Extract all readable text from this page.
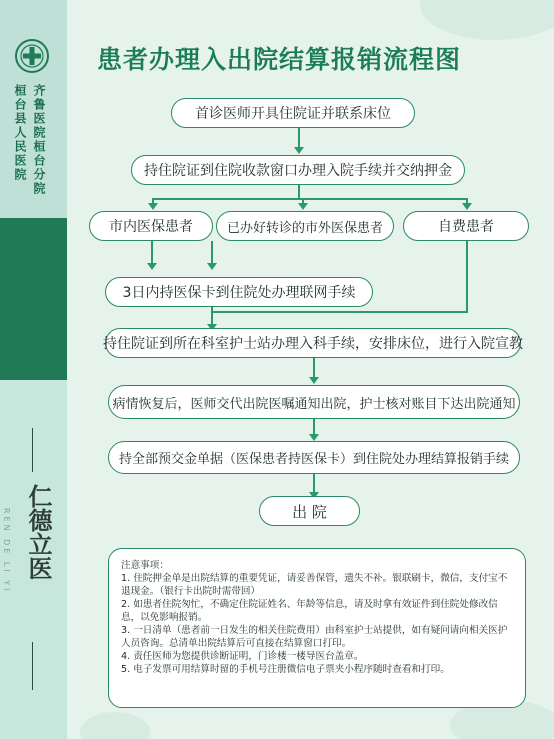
齐鲁医院桓台分院
桓台县人民医院
仁德立医
REN DE LI YI
患者办理入出院结算报销流程图
首诊医师开具住院证并联系床位
持住院证到住院收款窗口办理入院手续并交纳押金
市内医保患者	已办好转诊的市外医保患者	自费患者
3日内持医保卡到住院处办理联网手续
持住院证到所在科室护士站办理入科手续，安排床位，进行入院宣教
病情恢复后，医师交代出院医嘱通知出院，护士核对账目下达出院通知
持全部预交金单据（医保患者持医保卡）到住院处办理结算报销手续
出 院

注意事项：

1. 住院押金单是出院结算的重要凭证，请妥善保管，遗失不补。银联刷卡，微信，支付宝不退现金。（银行卡出院时需带回）

2. 如患者住院匆忙，不确定住院证姓名、年龄等信息，请及时拿有效证件到住院处修改信息，以免影响报销。

3. 一日清单（患者前一日发生的相关住院费用）由科室护士站提供，如有疑问请向相关医护人员咨询。总清单出院结算后可直接在结算窗口打印。

4. 责任医师为您提供诊断证明，门诊楼一楼导医台盖章。

5. 电子发票可用结算时留的手机号注册微信电子票夹小程序随时查看和打印。
